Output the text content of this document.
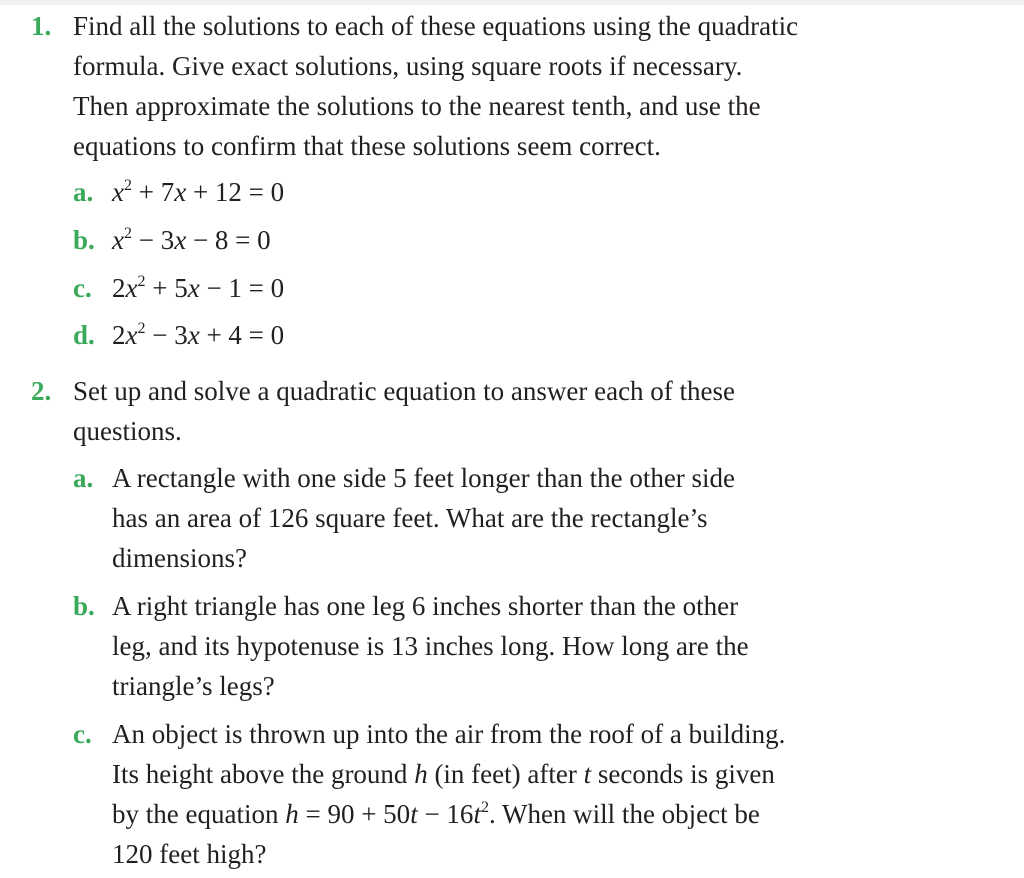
1. Find all the solutions to each of these equations using the quadratic
formula. Give exact solutions, using square roots if necessary.
Then approximate the solutions to the nearest tenth, and use the
equations to confirm that these solutions seem correct.
a. $x^2 + 7x + 12 = 0$
b. $x^2 - 3x - 8 = 0$
c. $2x^2 + 5x - 1 = 0$
d. $2x^2 - 3x + 4 = 0$
2. Set up and solve a quadratic equation to answer each of these
questions.
a. A rectangle with one side 5 feet longer than the other side
has an area of 126 square feet. What are the rectangle’s
dimensions?
b. A right triangle has one leg 6 inches shorter than the other
leg, and its hypotenuse is 13 inches long. How long are the
triangle’s legs?
c. An object is thrown up into the air from the roof of a building.
Its height above the ground h (in feet) after t seconds is given
by the equation $h = 90 + 50t - 16t^2$. When will the object be
120 feet high?
